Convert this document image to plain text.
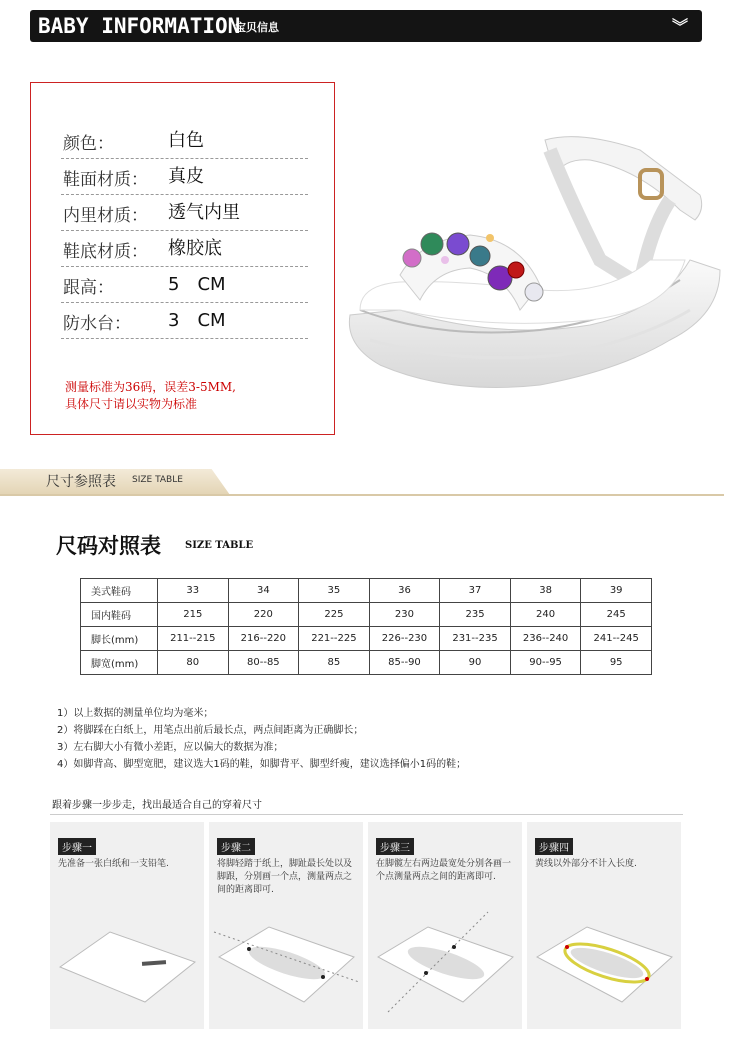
BABY INFORMATION
宝贝信息	︾
颜色：	白色
鞋面材质： 真皮
内里材质： 透气内里
鞋底材质： 橡胶底
跟高：	5　CM
防水台： 3　CM
测量标准为36码，误差3-5MM,
具体尺寸请以实物为标准
尺寸参照表 SIZE TABLE
尺码对照表 SIZE TABLE
美式鞋码	33	34	35	36	37	38	39
国内鞋码	215	220	225	230	235	240	245
脚长(mm)	211--215	216--220	221--225	226--230	231--235	236--240	241--245
脚宽(mm)	80	80--85	85	85--90	90	90--95	95
1）以上数据的测量单位均为毫米；
2）将脚踩在白纸上，用笔点出前后最长点，两点间距离为正确脚长；
3）左右脚大小有微小差距，应以偏大的数据为准；
4）如脚背高、脚型宽肥，建议选大1码的鞋，如脚背平、脚型纤瘦，建议选择偏小1码的鞋；
跟着步骤一步步走，找出最适合自己的穿着尺寸
步骤一
先准备一张白纸和一支铅笔.
步骤二
将脚轻踏于纸上，脚趾最长处以及脚跟，分别画一个点，测量两点之间的距离即可.
步骤三
在脚髋左右两边最宽处分别各画一个点测量两点之间的距离即可.
步骤四
黄线以外部分不计入长度.
